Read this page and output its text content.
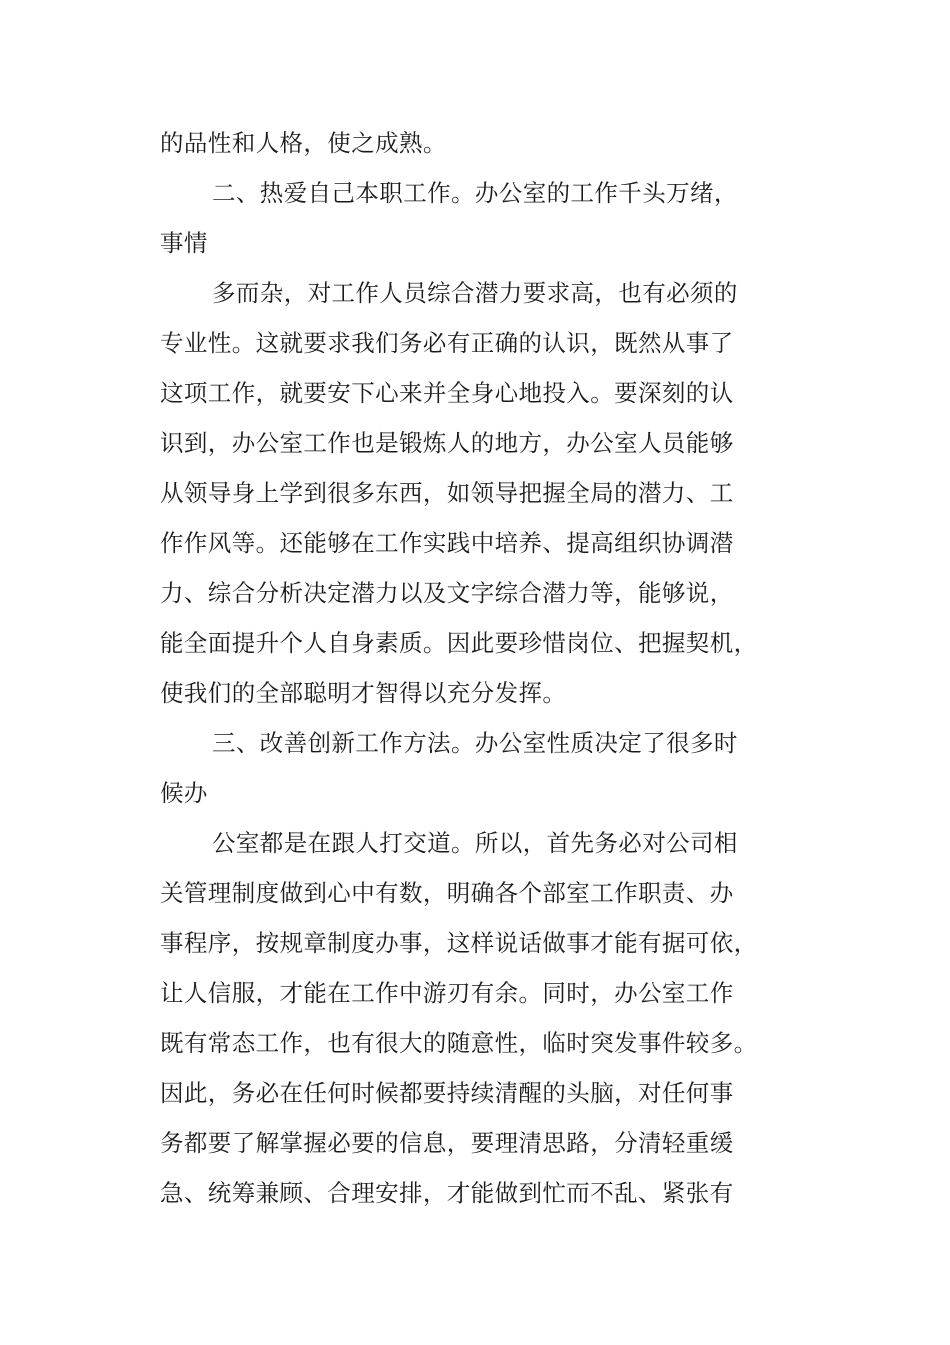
的品性和人格，使之成熟。
二、热爱自己本职工作。办公室的工作千头万绪，
事情
多而杂，对工作人员综合潜力要求高，也有必须的
专业性。这就要求我们务必有正确的认识，既然从事了
这项工作，就要安下心来并全身心地投入。要深刻的认
识到，办公室工作也是锻炼人的地方，办公室人员能够
从领导身上学到很多东西，如领导把握全局的潜力、工
作作风等。还能够在工作实践中培养、提高组织协调潜
力、综合分析决定潜力以及文字综合潜力等，能够说，
能全面提升个人自身素质。因此要珍惜岗位、把握契机，
使我们的全部聪明才智得以充分发挥。
三、改善创新工作方法。办公室性质决定了很多时
候办
公室都是在跟人打交道。所以，首先务必对公司相
关管理制度做到心中有数，明确各个部室工作职责、办
事程序，按规章制度办事，这样说话做事才能有据可依，
让人信服，才能在工作中游刃有余。同时，办公室工作
既有常态工作，也有很大的随意性，临时突发事件较多。
因此，务必在任何时候都要持续清醒的头脑，对任何事
务都要了解掌握必要的信息，要理清思路，分清轻重缓
急、统筹兼顾、合理安排，才能做到忙而不乱、紧张有
